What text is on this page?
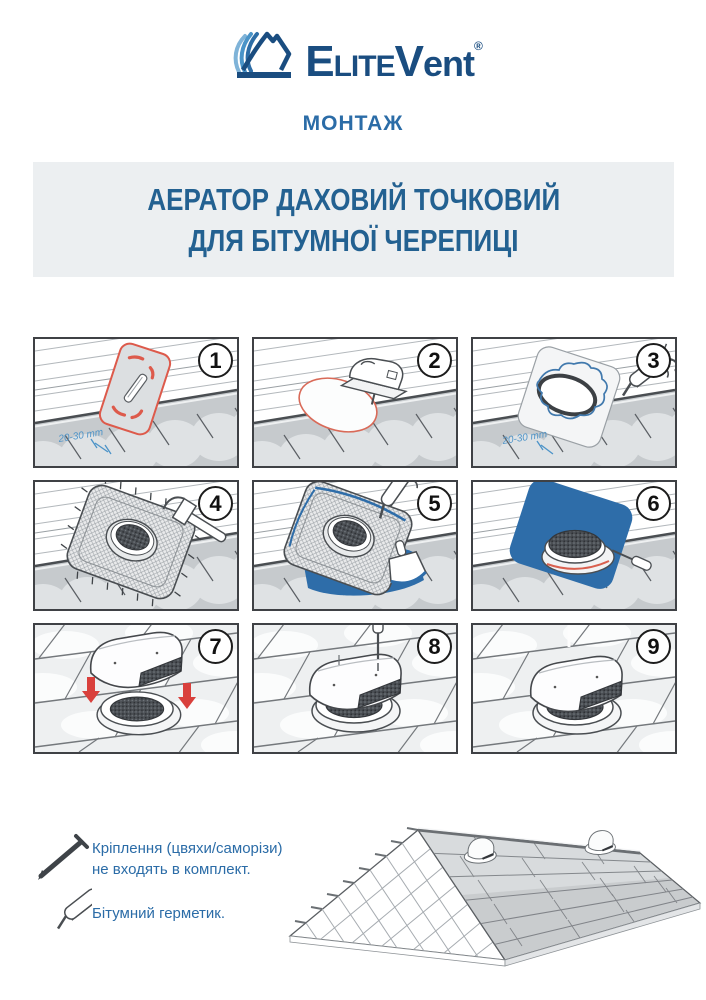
ELITEVent®
МОНТАЖ
АЕРАТОР ДАХОВИЙ ТОЧКОВИЙ
ДЛЯ БІТУМНОЇ ЧЕРЕПИЦІ
20-30 mm
1	2
20-30 mm
3
4	5	6
7	8	9
Кріплення (цвяхи/саморізи)
не входять в комплект.
Бітумний герметик.
